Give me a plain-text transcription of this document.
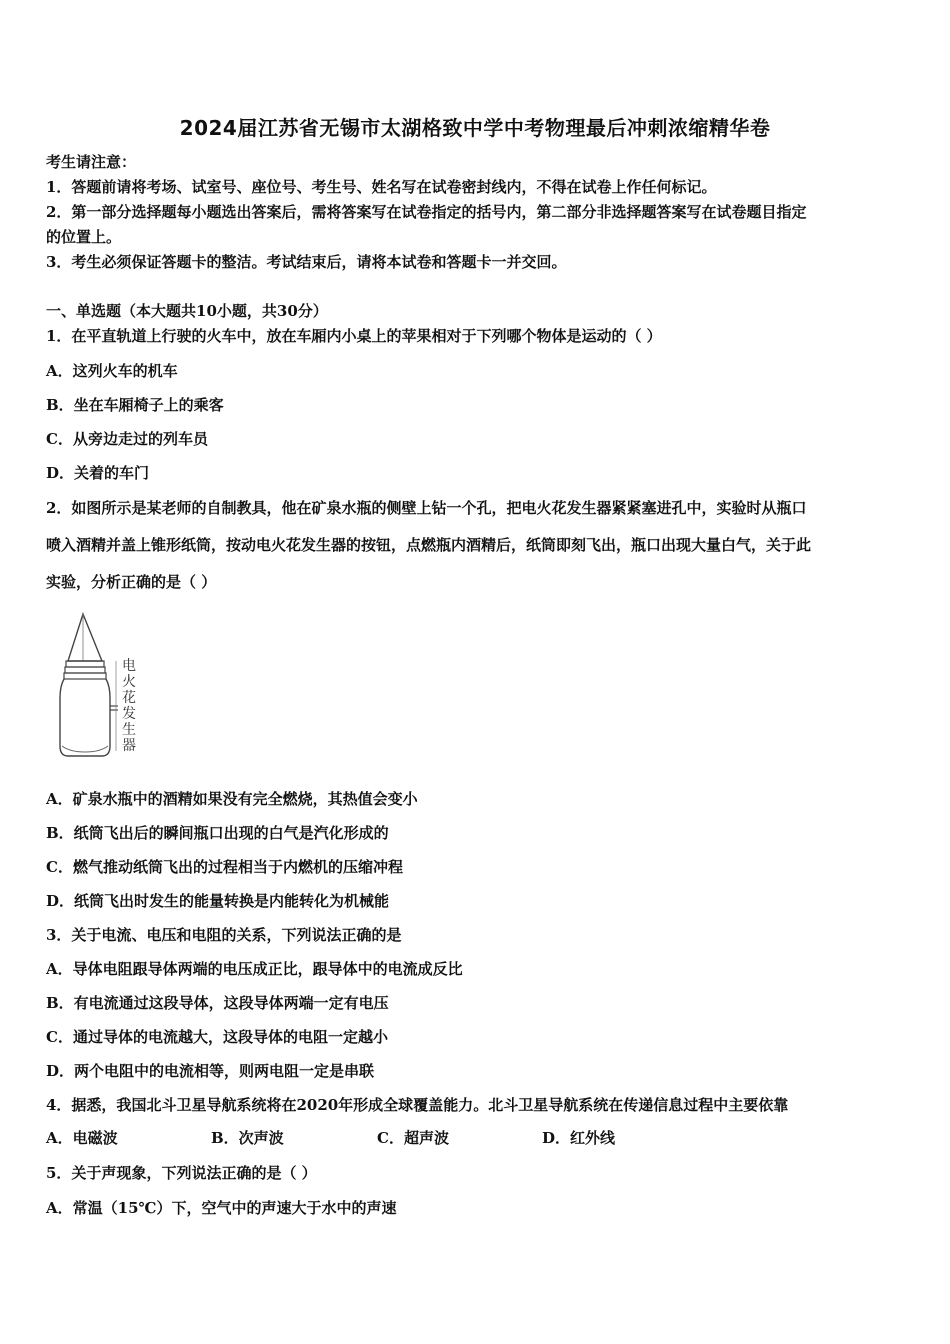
2024届江苏省无锡市太湖格致中学中考物理最后冲刺浓缩精华卷
考生请注意：
1．答题前请将考场、试室号、座位号、考生号、姓名写在试卷密封线内，不得在试卷上作任何标记。
2．第一部分选择题每小题选出答案后，需将答案写在试卷指定的括号内，第二部分非选择题答案写在试卷题目指定
的位置上。
3．考生必须保证答题卡的整洁。考试结束后，请将本试卷和答题卡一并交回。
一、单选题（本大题共10小题，共30分）
1．在平直轨道上行驶的火车中，放在车厢内小桌上的苹果相对于下列哪个物体是运动的（ ）
A．这列火车的机车
B．坐在车厢椅子上的乘客
C．从旁边走过的列车员
D．关着的车门
2．如图所示是某老师的自制教具，他在矿泉水瓶的侧壁上钻一个孔，把电火花发生器紧紧塞进孔中，实验时从瓶口
喷入酒精并盖上锥形纸筒，按动电火花发生器的按钮，点燃瓶内酒精后，纸筒即刻飞出，瓶口出现大量白气，关于此
实验，分析正确的是（ ）
电火花发生器
A．矿泉水瓶中的酒精如果没有完全燃烧，其热值会变小
B．纸筒飞出后的瞬间瓶口出现的白气是汽化形成的
C．燃气推动纸筒飞出的过程相当于内燃机的压缩冲程
D．纸筒飞出时发生的能量转换是内能转化为机械能
3．关于电流、电压和电阻的关系，下列说法正确的是
A．导体电阻跟导体两端的电压成正比，跟导体中的电流成反比
B．有电流通过这段导体，这段导体两端一定有电压
C．通过导体的电流越大，这段导体的电阻一定越小
D．两个电阻中的电流相等，则两电阻一定是串联
4．据悉，我国北斗卫星导航系统将在2020年形成全球覆盖能力。北斗卫星导航系统在传递信息过程中主要依靠
A．电磁波	B．次声波	C．超声波	D．红外线
5．关于声现象，下列说法正确的是（ ）
A．常温（15℃）下，空气中的声速大于水中的声速
